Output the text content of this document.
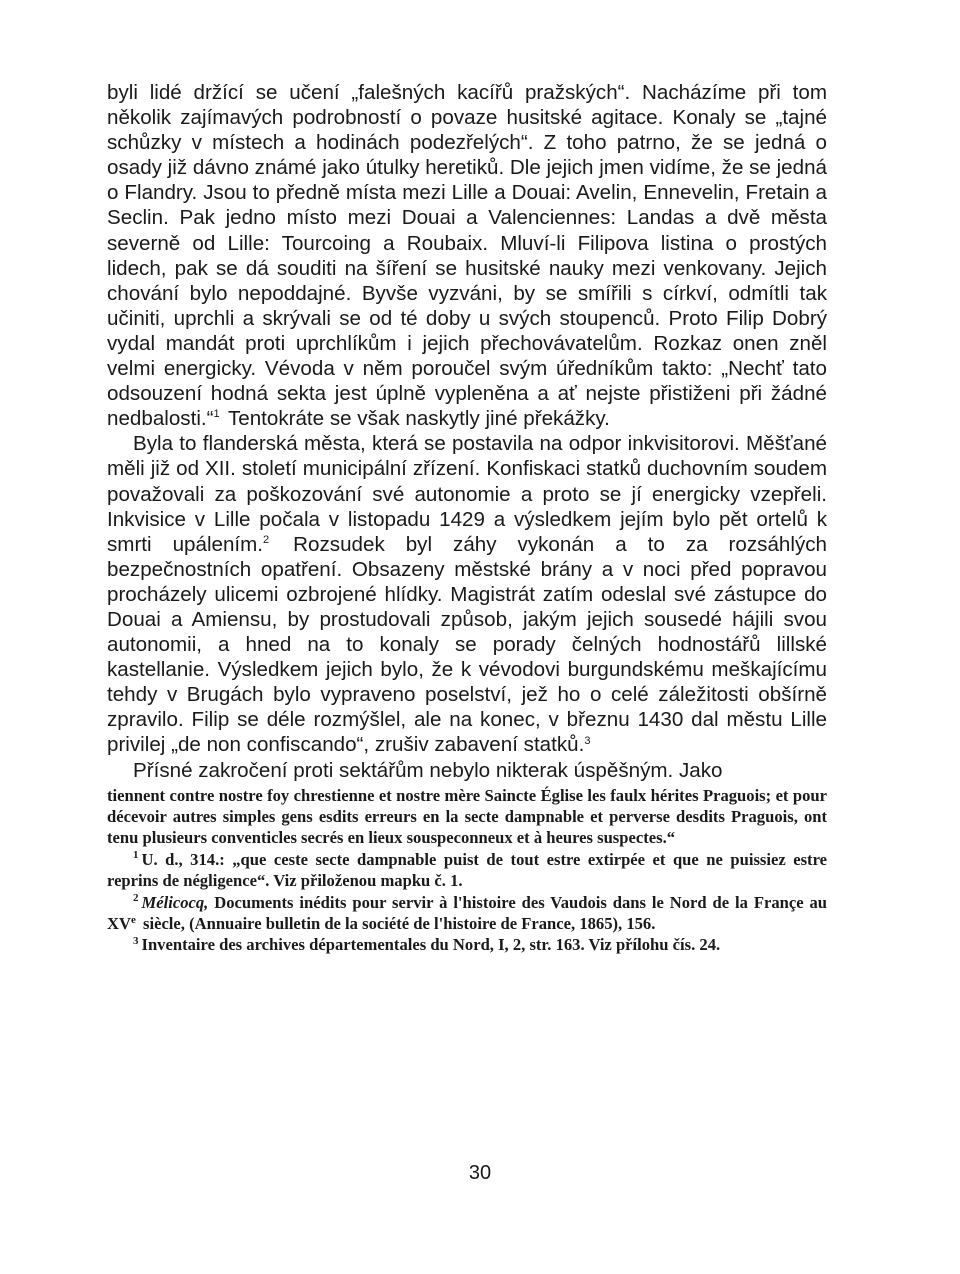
byli lidé držící se učení „falešných kacířů pražských“. Nacházíme při tom několik zajímavých podrobností o povaze husitské agitace. Konaly se „tajné schůzky v místech a hodinách podezřelých“. Z toho patrno, že se jedná o osady již dávno známé jako útulky heretiků. Dle jejich jmen vidíme, že se jedná o Flandry. Jsou to předně místa mezi Lille a Douai: Avelin, Ennevelin, Fretain a Seclin. Pak jedno místo mezi Douai a Valenciennes: Landas a dvě města severně od Lille: Tourcoing a Roubaix. Mluví-li Filipova listina o prostých lidech, pak se dá souditi na šíření se husitské nauky mezi venkovany. Jejich chování bylo nepoddajné. Byvše vyzváni, by se smířili s církví, odmítli tak učiniti, uprchli a skrývali se od té doby u svých stoupenců. Proto Filip Dobrý vydal mandát proti uprchlíkům i jejich přechovávatelům. Rozkaz onen zněl velmi energicky. Vévoda v něm poroučel svým úředníkům takto: „Nechť tato odsouzení hodná sekta jest úplně vypleněna a ať nejste přistiženi při žádné nedbalosti.“$^1$ Tentokráte se však naskytly jiné překážky.

Byla to flanderská města, která se postavila na odpor inkvisitorovi. Měšťané měli již od XII. století municipální zřízení. Konfiskaci statků duchovním soudem považovali za poškozování své autonomie a proto se jí energicky vzepřeli. Inkvisice v Lille počala v listopadu 1429 a výsledkem jejím bylo pět ortelů k smrti upálením.$^2$ Rozsudek byl záhy vykonán a to za rozsáhlých bezpečnostních opatření. Obsazeny městské brány a v noci před popravou procházely ulicemi ozbrojené hlídky. Magistrát zatím odeslal své zástupce do Douai a Amiensu, by prostudovali způsob, jakým jejich sousedé hájili svou autonomii, a hned na to konaly se porady čelných hodnostářů lillské kastellanie. Výsledkem jejich bylo, že k vévodovi burgundskému meškajícímu tehdy v Brugách bylo vypraveno poselství, jež ho o celé záležitosti obšírně zpravilo. Filip se déle rozmýšlel, ale na konec, v březnu 1430 dal městu Lille privilej „de non confiscando“, zrušiv zabavení statků.$^3$

Přísné zakročení proti sektářům nebylo nikterak úspěšným. Jako

tiennent contre nostre foy chrestienne et nostre mère Saincte Église les faulx hérites Praguois; et pour décevoir autres simples gens esdits erreurs en la secte dampnable et perverse desdits Praguois, ont tenu plusieurs conventicles secrés en lieux souspeconneux et à heures suspectes.“

$^1$ U. d., 314.: „que ceste secte dampnable puist de tout estre extirpée et que ne puissiez estre reprins de négligence“. Viz přiloženou mapku č. 1.

$^2$ Mélicocq, Documents inédits pour servir à l'histoire des Vaudois dans le Nord de la Françe au XVe siècle, (Annuaire bulletin de la société de l'histoire de France, 1865), 156.

$^3$ Inventaire des archives départementales du Nord, I, 2, str. 163. Viz přílohu čís. 24.

30
